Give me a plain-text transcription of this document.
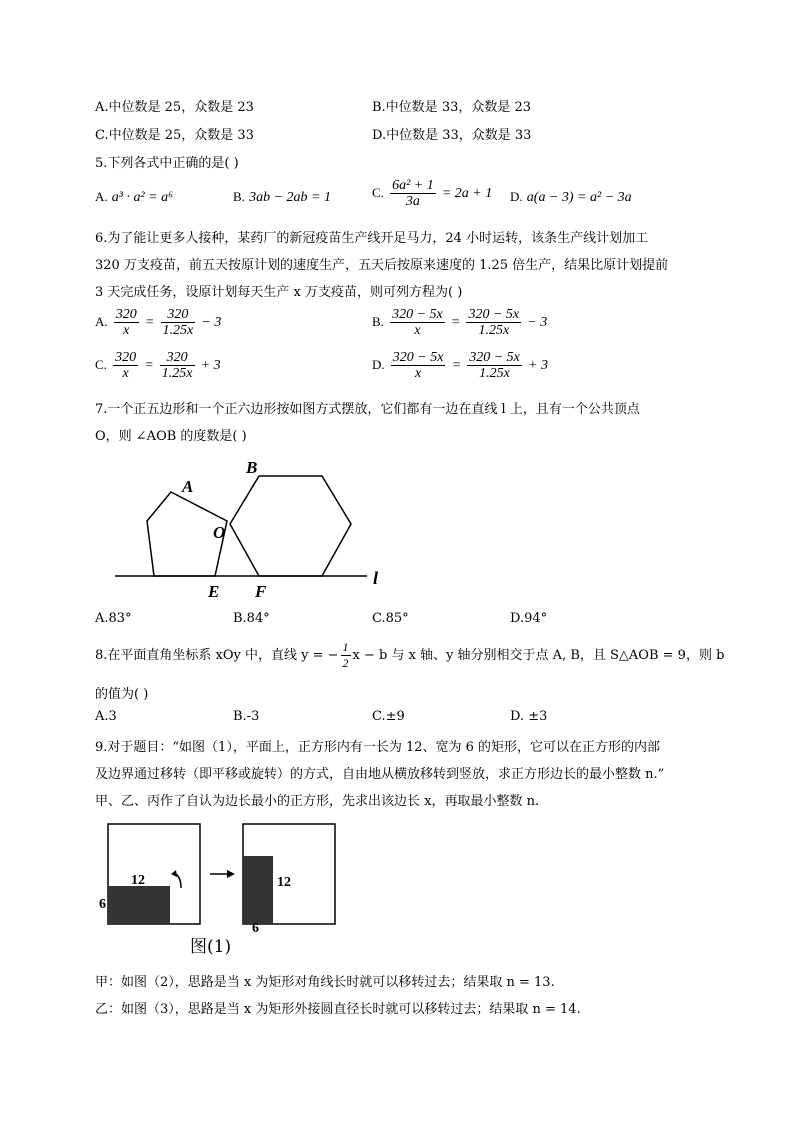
A.中位数是 25，众数是 23	B.中位数是 33，众数是 23
C.中位数是 25，众数是 33	D.中位数是 33，众数是 33
5.下列各式中正确的是( )
A. a³ · a² = a⁶	B. 3ab − 2ab = 1	C. $\frac{\text{6a² + 1}}{3a} = 2a + 1$ D. a(a − 3) = a² − 3a
6.为了能让更多人接种，某药厂的新冠疫苗生产线开足马力，24 小时运转，该条生产线计划加工
320 万支疫苗，前五天按原计划的速度生产，五天后按原来速度的 1.25 倍生产，结果比原计划提前
3 天完成任务，设原计划每天生产 x 万支疫苗，则可列方程为( )
A. $\frac{320}{x} = \frac{320}{1.25x} - 3$	B. $\frac{320 - 5x}{x} = \frac{320 - 5x}{1.25x} - 3$
C. $\frac{320}{x} = \frac{320}{1.25x} + 3$	D. $\frac{320 - 5x}{x} = \frac{320 - 5x}{1.25x} + 3$
7.一个正五边形和一个正六边形按如图方式摆放，它们都有一边在直线 l 上，且有一个公共顶点
O，则 ∠AOB 的度数是( )
A
B
O
E F
l
A.83°	B.84°	C.85°	D.94°
8.在平面直角坐标系 xOy 中，直线 y = − $\frac{1}{2}$ x − b 与 x 轴、y 轴分别相交于点 A, B，且 S△AOB = 9，则 b
的值为( )
A.3	B.-3	C.±9	D. ±3
9.对于题目：“如图（1），平面上，正方形内有一长为 12、宽为 6 的矩形，它可以在正方形的内部
及边界通过移转（即平移或旋转）的方式，自由地从横放移转到竖放，求正方形边长的最小整数 n.”
甲、乙、丙作了自认为边长最小的正方形，先求出该边长 x，再取最小整数 n.
12
6
12
6
图(1)
甲：如图（2），思路是当 x 为矩形对角线长时就可以移转过去；结果取 n = 13.
乙：如图（3），思路是当 x 为矩形外接圆直径长时就可以移转过去；结果取 n = 14.
